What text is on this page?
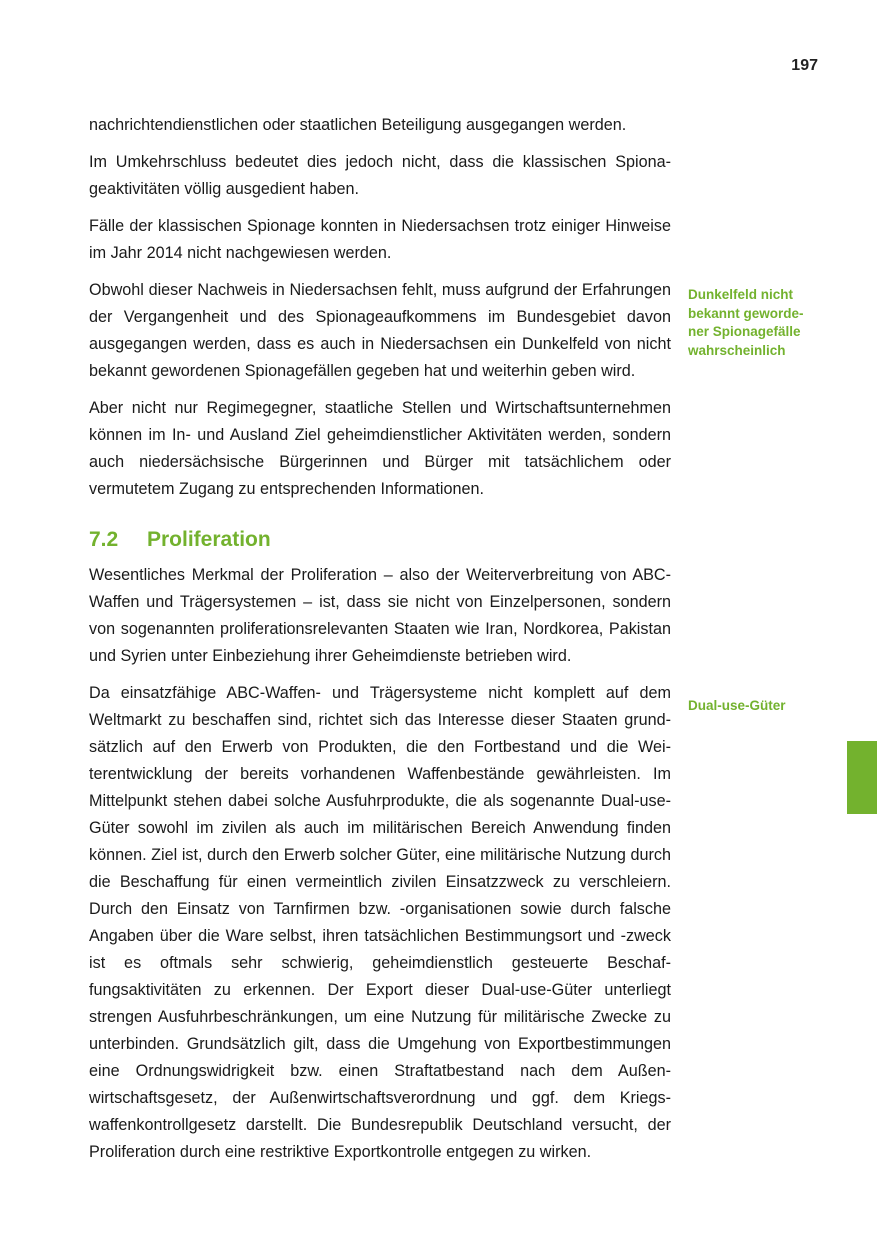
197

nachrichtendienstlichen oder staatlichen Beteiligung ausgegangen werden.

Im Umkehrschluss bedeutet dies jedoch nicht, dass die klassischen Spionageaktivitäten völlig ausgedient haben.

Fälle der klassischen Spionage konnten in Niedersachsen trotz einiger Hinweise im Jahr 2014 nicht nachgewiesen werden.

Obwohl dieser Nachweis in Niedersachsen fehlt, muss aufgrund der Erfahrungen der Vergangenheit und des Spionageaufkommens im Bundesgebiet davon ausgegangen werden, dass es auch in Niedersachsen ein Dunkelfeld von nicht bekannt gewordenen Spionagefällen gegeben hat und weiterhin geben wird.

Aber nicht nur Regimegegner, staatliche Stellen und Wirtschaftsunternehmen können im In- und Ausland Ziel geheimdienstlicher Aktivitäten werden, sondern auch niedersächsische Bürgerinnen und Bürger mit tatsächlichem oder vermutetem Zugang zu entsprechenden Informationen.

7.2	Proliferation

Wesentliches Merkmal der Proliferation – also der Weiterverbreitung von ABC-Waffen und Trägersystemen – ist, dass sie nicht von Einzelpersonen, sondern von sogenannten proliferationsrelevanten Staaten wie Iran, Nordkorea, Pakistan und Syrien unter Einbeziehung ihrer Geheimdienste betrieben wird.

Da einsatzfähige ABC-Waffen- und Trägersysteme nicht komplett auf dem Weltmarkt zu beschaffen sind, richtet sich das Interesse dieser Staaten grundsätzlich auf den Erwerb von Produkten, die den Fortbestand und die Weiterentwicklung der bereits vorhandenen Waffenbestände gewährleisten. Im Mittelpunkt stehen dabei solche Ausfuhrprodukte, die als sogenannte Dual-use-Güter sowohl im zivilen als auch im militärischen Bereich Anwendung finden können. Ziel ist, durch den Erwerb solcher Güter, eine militärische Nutzung durch die Beschaffung für einen vermeintlich zivilen Einsatzzweck zu verschleiern. Durch den Einsatz von Tarnfirmen bzw. -organisationen sowie durch falsche Angaben über die Ware selbst, ihren tatsächlichen Bestimmungsort und -zweck ist es oftmals sehr schwierig, geheimdienstlich gesteuerte Beschaffungsaktivitäten zu erkennen. Der Export dieser Dual-use-Güter unterliegt strengen Ausfuhrbeschränkungen, um eine Nutzung für militärische Zwecke zu unterbinden. Grundsätzlich gilt, dass die Umgehung von Exportbestimmungen eine Ordnungswidrigkeit bzw. einen Straftatbestand nach dem Außenwirtschaftsgesetz, der Außenwirtschaftsverordnung und ggf. dem Kriegswaffenkontrollgesetz darstellt. Die Bundesrepublik Deutschland versucht, der Proliferation durch eine restriktive Exportkontrolle entgegen zu wirken.

Dunkelfeld nicht bekannt gewordener Spionagefälle wahrscheinlich
Dual-use-Güter
